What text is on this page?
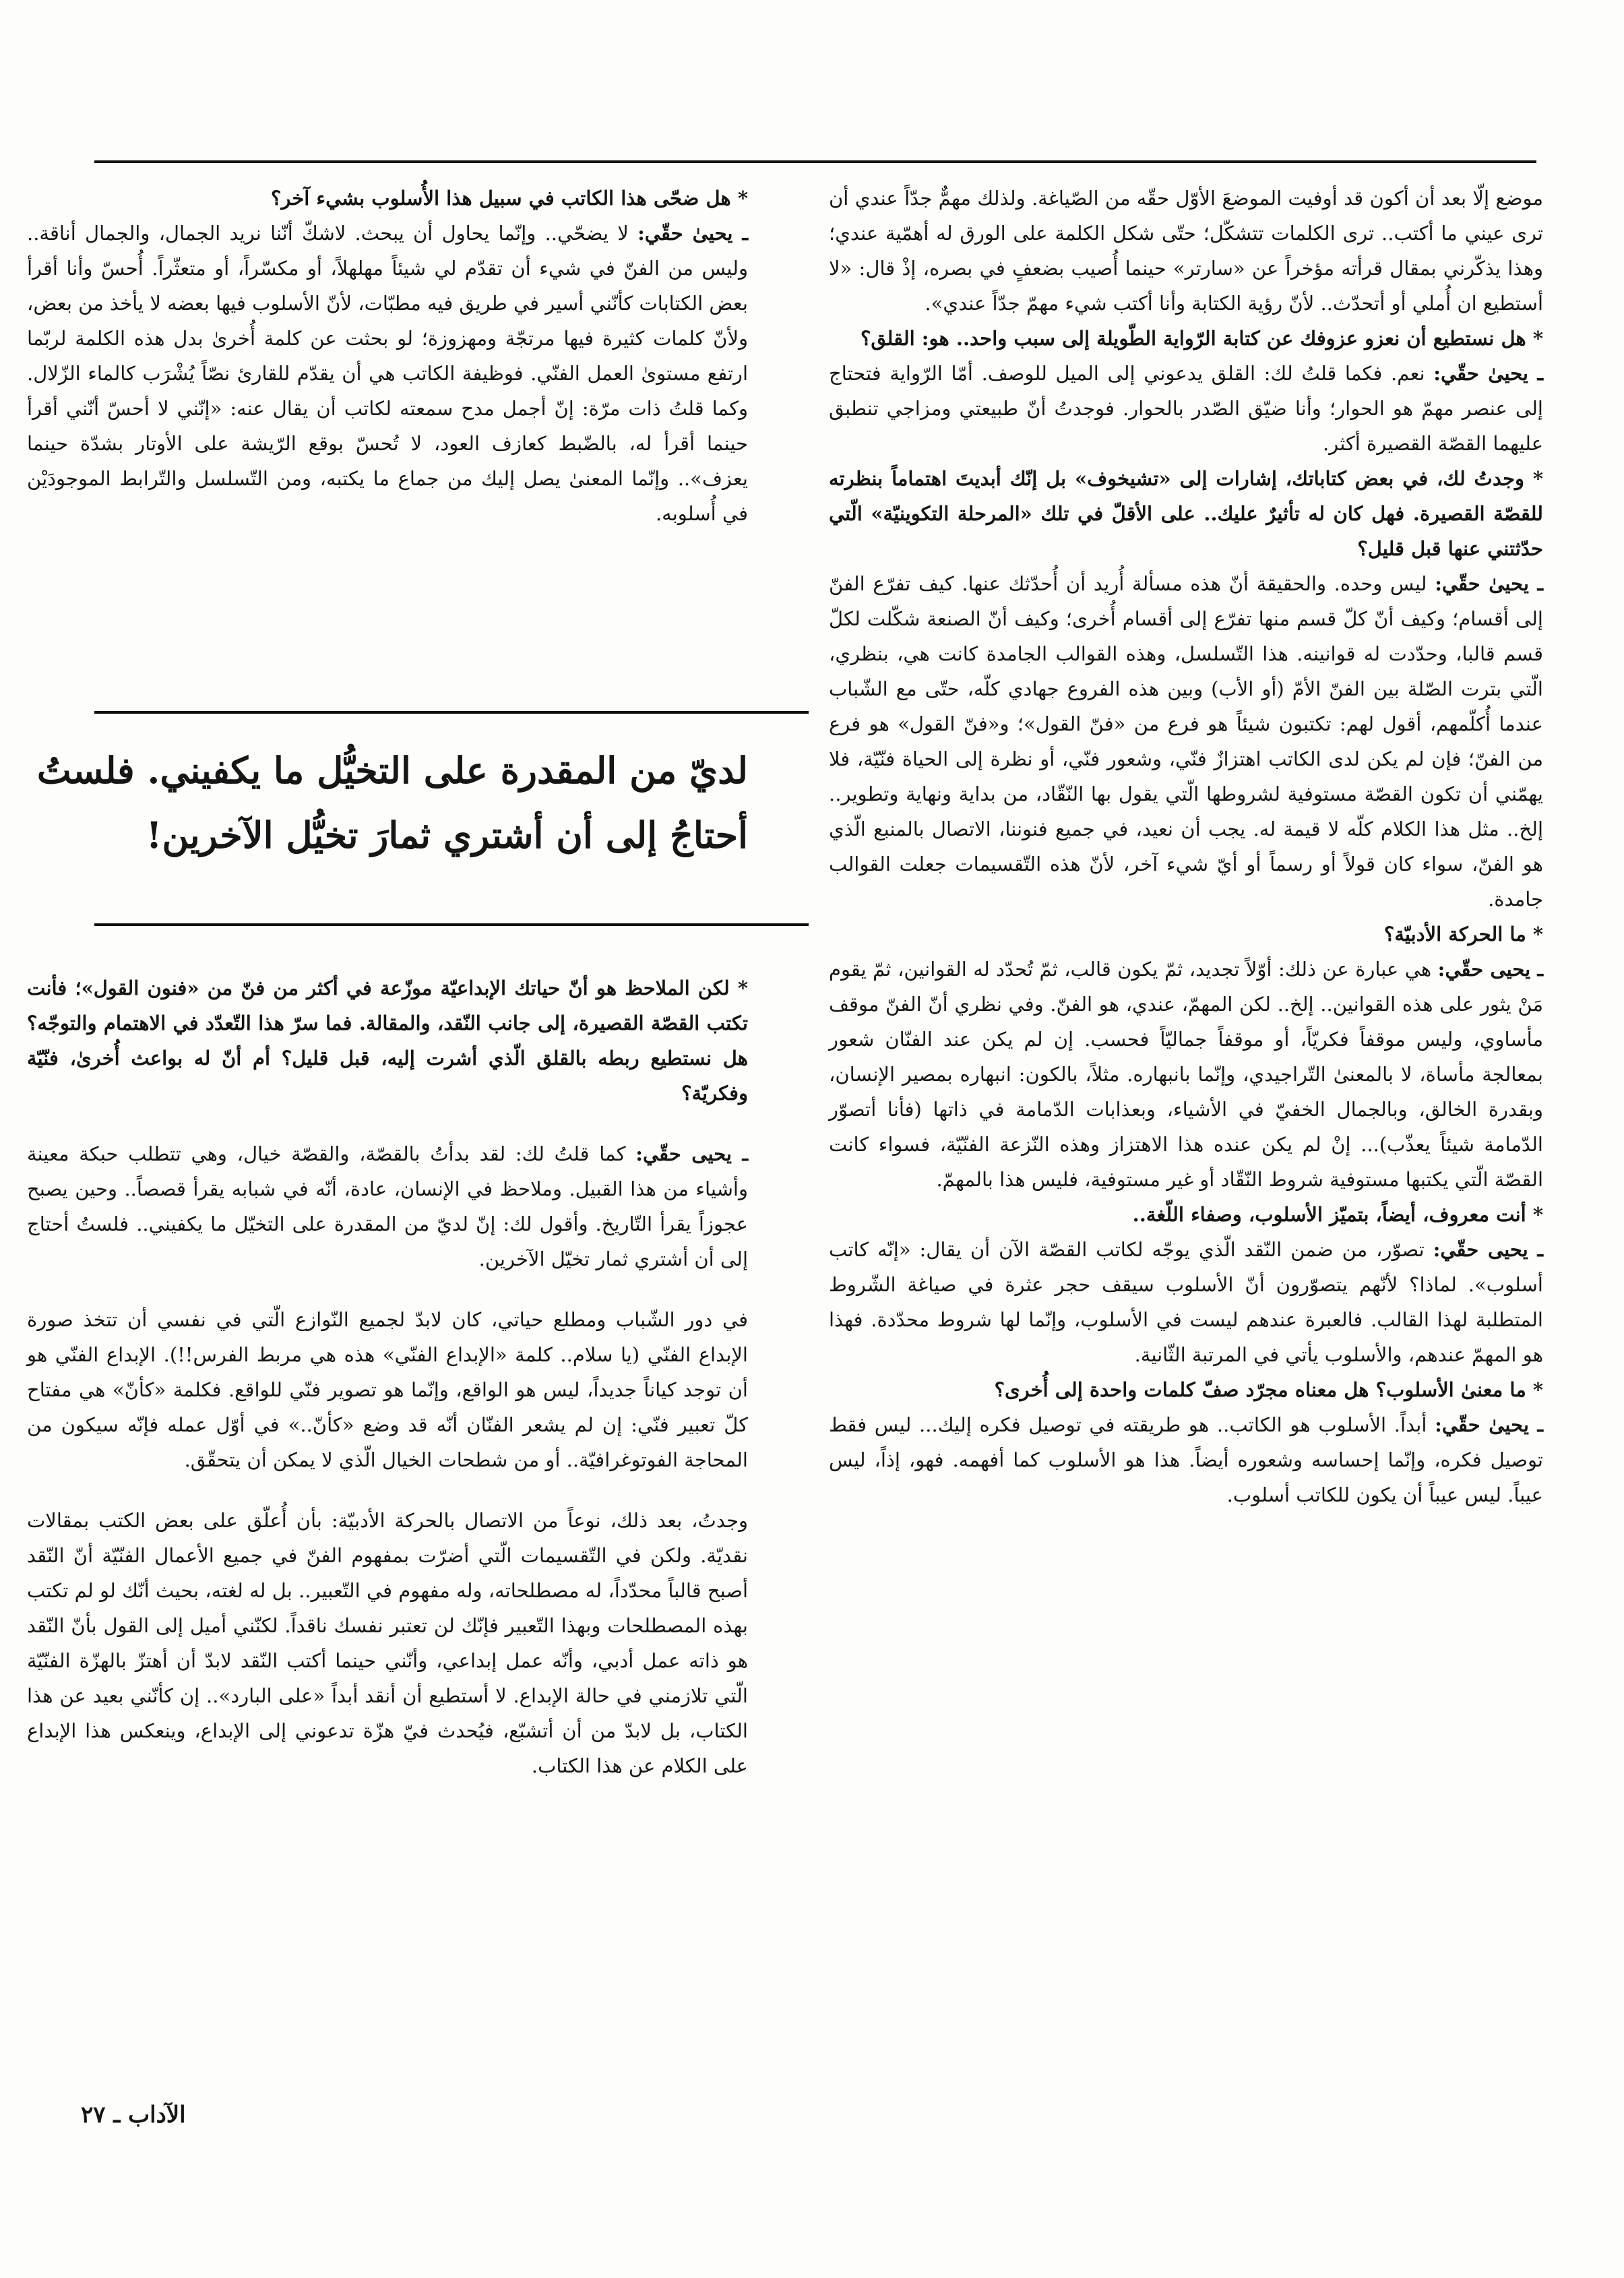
موضع إلّا بعد أن أكون قد أوفيت الموضعَ الأوّل حقّه من الصّياغة. ولذلك مهمٌّ جدّاً عندي أن ترى عيني ما أكتب.. ترى الكلمات تتشكّل؛ حتّى شكل الكلمة على الورق له أهمّية عندي؛ وهذا يذكّرني بمقال قرأته مؤخراً عن «سارتر» حينما أُصيب بضعفٍ في بصره، إذْ قال: «لا أستطيع ان أُملي أو أتحدّث.. لأنّ رؤية الكتابة وأنا أكتب شيء مهمّ جدّاً عندي».

* هل نستطيع أن نعزو عزوفك عن كتابة الرّواية الطّويلة إلى سبب واحد.. هو: القلق؟

ـ يحيىٰ حقّي: نعم. فكما قلتُ لك: القلق يدعوني إلى الميل للوصف. أمّا الرّواية فتحتاج إلى عنصر مهمّ هو الحوار؛ وأنا ضيّق الصّدر بالحوار. فوجدتُ أنّ طبيعتي ومزاجي تنطبق عليهما القصّة القصيرة أكثر.

* وجدتُ لك، في بعض كتاباتك، إشارات إلى «تشيخوف» بل إنّك أبديتَ اهتماماً بنظرته للقصّة القصيرة. فهل كان له تأثيرٌ عليك.. على الأقلّ في تلك «المرحلة التكوينيّة» الّتي حدّثتني عنها قبل قليل؟

ـ يحيىٰ حقّي: ليس وحده. والحقيقة أنّ هذه مسألة أُريد أن أُحدّثك عنها. كيف تفرّع الفنّ إلى أقسام؛ وكيف أنّ كلّ قسم منها تفرّع إلى أقسام أُخرى؛ وكيف أنّ الصنعة شكّلت لكلّ قسم قالبا، وحدّدت له قوانينه. هذا التّسلسل، وهذه القوالب الجامدة كانت هي، بنظري، الّتي بترت الصّلة بين الفنّ الأمّ (أو الأب) وبين هذه الفروع جهادي كلّه، حتّى مع الشّباب عندما أُكلّمهم، أقول لهم: تكتبون شيئاً هو فرع من «فنّ القول»؛ و«فنّ القول» هو فرع من الفنّ؛ فإن لم يكن لدى الكاتب اهتزازٌ فنّي، وشعور فنّي، أو نظرة إلى الحياة فنّيّة، فلا يهمّني أن تكون القصّة مستوفية لشروطها الّتي يقول بها النّقّاد، من بداية ونهاية وتطوير.. إلخ.. مثل هذا الكلام كلّه لا قيمة له. يجب أن نعيد، في جميع فنوننا، الاتصال بالمنبع الّذي هو الفنّ، سواء كان قولاً أو رسماً أو أيّ شيء آخر، لأنّ هذه التّقسيمات جعلت القوالب جامدة.

* ما الحركة الأدبيّة؟

ـ يحيى حقّي: هي عبارة عن ذلك: أوّلاً تجديد، ثمّ يكون قالب، ثمّ تُحدّد له القوانين، ثمّ يقوم مَنْ يثور على هذه القوانين.. إلخ.. لكن المهمّ، عندي، هو الفنّ. وفي نظري أنّ الفنّ موقف مأساوي، وليس موقفاً فكريّاً، أو موقفاً جماليّاً فحسب. إن لم يكن عند الفنّان شعور بمعالجة مأساة، لا بالمعنىٰ التّراجيدي، وإنّما بانبهاره. مثلاً، بالكون: انبهاره بمصير الإنسان، وبقدرة الخالق، وبالجمال الخفيّ في الأشياء، وبعذابات الدّمامة في ذاتها (فأنا أتصوّر الدّمامة شيئاً يعذّب)... إنْ لم يكن عنده هذا الاهتزاز وهذه النّزعة الفنّيّة، فسواء كانت القصّة الّتي يكتبها مستوفية شروط النّقّاد أو غير مستوفية، فليس هذا بالمهمّ.

* أنت معروف، أيضاً، بتميّز الأسلوب، وصفاء اللّغة..

ـ يحيى حقّي: تصوّر، من ضمن النّقد الّذي يوجّه لكاتب القصّة الآن أن يقال: «إنّه كاتب أسلوب». لماذا؟ لأنّهم يتصوّرون أنّ الأسلوب سيقف حجر عثرة في صياغة الشّروط المتطلبة لهذا القالب. فالعبرة عندهم ليست في الأسلوب، وإنّما لها شروط محدّدة. فهذا هو المهمّ عندهم، والأسلوب يأتي في المرتبة الثّانية.

* ما معنىٰ الأسلوب؟ هل معناه مجرّد صفّ كلمات واحدة إلى أُخرى؟

ـ يحيىٰ حقّي: أبداً. الأسلوب هو الكاتب.. هو طريقته في توصيل فكره إليك... ليس فقط توصيل فكره، وإنّما إحساسه وشعوره أيضاً. هذا هو الأسلوب كما أفهمه. فهو، إذاً، ليس عيباً. ليس عيباً أن يكون للكاتب أسلوب.

* هل ضحّى هذا الكاتب في سبيل هذا الأُسلوب بشيء آخر؟

ـ يحيىٰ حقّي: لا يضحّي.. وإنّما يحاول أن يبحث. لاشكّ أنّنا نريد الجمال، والجمال أناقة.. وليس من الفنّ في شيء أن تقدّم لي شيئاً مهلهلاً، أو مكسّراً، أو متعثّراً. أُحسّ وأنا أقرأ بعض الكتابات كأنّني أسير في طريق فيه مطبّات، لأنّ الأسلوب فيها بعضه لا يأخذ من بعض، ولأنّ كلمات كثيرة فيها مرتجّة ومهزوزة؛ لو بحثت عن كلمة أُخرىٰ بدل هذه الكلمة لربّما ارتفع مستوىٰ العمل الفنّي. فوظيفة الكاتب هي أن يقدّم للقارئ نصّاً يُشْرَب كالماء الزّلال. وكما قلتُ ذات مرّة: إنّ أجمل مدح سمعته لكاتب أن يقال عنه: «إنّني لا أحسّ أنّني أقرأ حينما أقرأ له، بالضّبط كعازف العود، لا تُحسّ بوقع الرّيشة على الأوتار بشدّة حينما يعزف».. وإنّما المعنىٰ يصل إليك من جماع ما يكتبه، ومن التّسلسل والتّرابط الموجودَيْن في أُسلوبه.

لديّ من المقدرة على التخيُّل ما يكفيني. فلستُ أحتاجُ إلى أن أشتري ثمارَ تخيُّل الآخرين!

* لكن الملاحظ هو أنّ حياتك الإبداعيّة موزّعة في أكثر من فنّ من «فنون القول»؛ فأنت تكتب القصّة القصيرة، إلى جانب النّقد، والمقالة. فما سرّ هذا التّعدّد في الاهتمام والتوجّه؟ هل نستطيع ربطه بالقلق الّذي أشرت إليه، قبل قليل؟ أم أنّ له بواعث أُخرىٰ، فنّيّة وفكريّة؟

ـ يحيى حقّي: كما قلتُ لك: لقد بدأتُ بالقصّة، والقصّة خيال، وهي تتطلب حبكة معينة وأشياء من هذا القبيل. وملاحظ في الإنسان، عادة، أنّه في شبابه يقرأ قصصاً.. وحين يصبح عجوزاً يقرأ التّاريخ. وأقول لك: إنّ لديّ من المقدرة على التخيّل ما يكفيني.. فلستُ أحتاج إلى أن أشتري ثمار تخيّل الآخرين.

في دور الشّباب ومطلع حياتي، كان لابدّ لجميع النّوازع الّتي في نفسي أن تتخذ صورة الإبداع الفنّي (يا سلام.. كلمة «الإبداع الفنّي» هذه هي مربط الفرس!!). الإبداع الفنّي هو أن توجد كياناً جديداً، ليس هو الواقع، وإنّما هو تصوير فنّي للواقع. فكلمة «كأنّ» هي مفتاح كلّ تعبير فنّي: إن لم يشعر الفنّان أنّه قد وضع «كأنّ..» في أوّل عمله فإنّه سيكون من المحاجة الفوتوغرافيّة.. أو من شطحات الخيال الّذي لا يمكن أن يتحقّق.

وجدتُ، بعد ذلك، نوعاً من الاتصال بالحركة الأدبيّة: بأن أُعلّق على بعض الكتب بمقالات نقديّة. ولكن في التّقسيمات الّتي أضرّت بمفهوم الفنّ في جميع الأعمال الفنّيّة أنّ النّقد أصبح قالباً محدّداً، له مصطلحاته، وله مفهوم في التّعبير.. بل له لغته، بحيث أنّك لو لم تكتب بهذه المصطلحات وبهذا التّعبير فإنّك لن تعتبر نفسك ناقداً. لكنّني أميل إلى القول بأنّ النّقد هو ذاته عمل أدبي، وأنّه عمل إبداعي، وأنّني حينما أكتب النّقد لابدّ أن أهتزّ بالهزّة الفنّيّة الّتي تلازمني في حالة الإبداع. لا أستطيع أن أنقد أبداً «على البارد».. إن كأنّني بعيد عن هذا الكتاب، بل لابدّ من أن أتشبّع، فيُحدث فيّ هزّة تدعوني إلى الإبداع، وينعكس هذا الإبداع على الكلام عن هذا الكتاب.

الآداب ـ ٢٧
